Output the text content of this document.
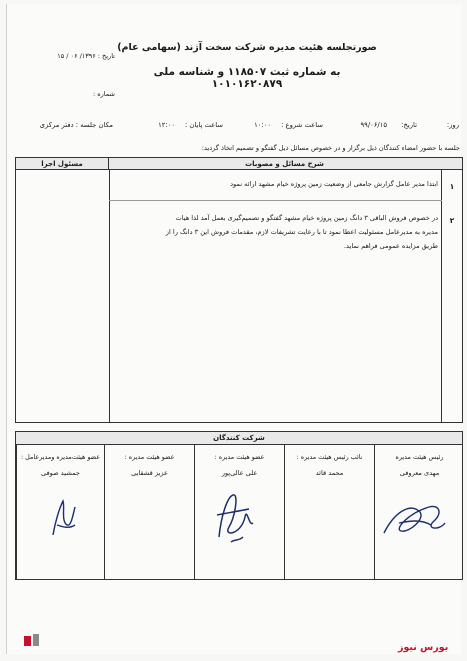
صورتجلسه هئیت مدیره شرکت سخت آژند (سهامی عام)
به شماره ثبت ۱۱۸۵۰۷ و شناسه ملی ۱۰۱۰۱۶۲۰۸۷۹
تاریخ : ۱۳۹۶/ ۰۶ / ۱۵
شماره :
روز:
تاریخ:
۹۹/۰۶/۱۵
ساعت شروع :
۱۰:۰۰
ساعت پایان :
۱۲:۰۰
مکان جلسه : دفتر مرکزی
جلسه با حضور امضاء کنندگان ذیل برگزار و در خصوص مسائل ذیل گفتگو و تصمیم اتخاذ گردید:
شرح مسائل و مصوبات
مسئول اجرا
۱
ابتدا مدیر عامل گزارش جامعی از وضعیت زمین پروژه خیام مشهد ارائه نمود
۲
در خصوص فروش الباقی ۳ دانگ زمین پروژه خیام مشهد گفتگو و تصمیم‌گیری بعمل آمد لذا هیات
مدیره به مدیرعامل مسئولیت اعطا نمود تا با رعایت تشریفات لازم، مقدمات فروش این ۳ دانگ را از
طریق مزایده عمومی فراهم نماید.
شرکت کنندگان
رئیس هیئت مدیره
مهدی معروفی
نائب رئیس هیئت مدیره :
محمد قائد
عضو هیئت مدیره :
علی عالی‌پور
عضو هیئت مدیره :
عزیز قشقایی
عضو هیئت‌مدیره ومدیرعامل :
جمشید صوفی
بورس نیوز
